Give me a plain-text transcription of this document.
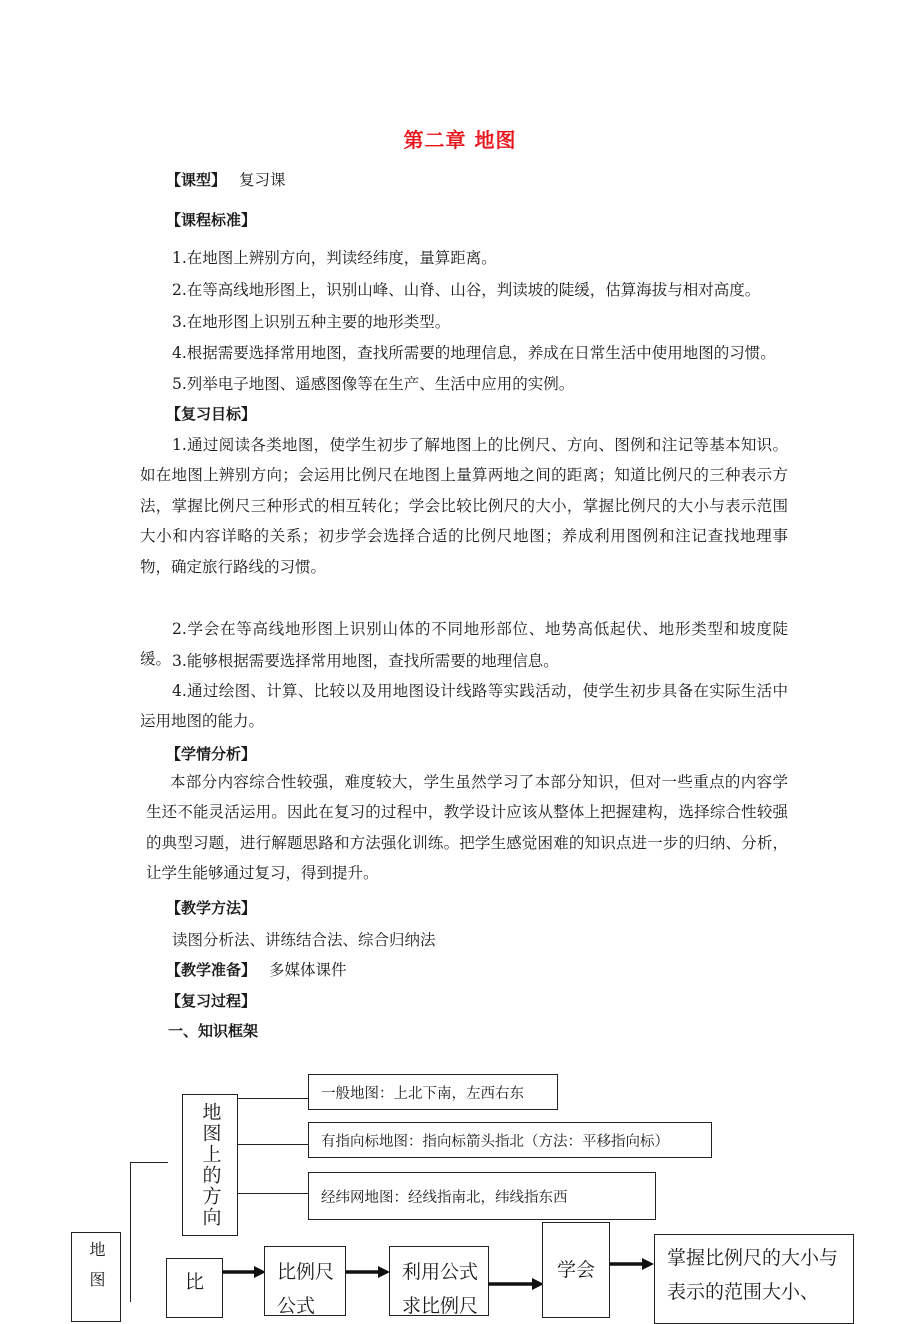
第二章 地图
【课型】 复习课
【课程标准】
1.在地图上辨别方向，判读经纬度，量算距离。
2.在等高线地形图上，识别山峰、山脊、山谷，判读坡的陡缓，估算海拔与相对高度。
3.在地形图上识别五种主要的地形类型。
4.根据需要选择常用地图，查找所需要的地理信息，养成在日常生活中使用地图的习惯。
5.列举电子地图、遥感图像等在生产、生活中应用的实例。
【复习目标】
1.通过阅读各类地图，使学生初步了解地图上的比例尺、方向、图例和注记等基本知识。如在地图上辨别方向；会运用比例尺在地图上量算两地之间的距离；知道比例尺的三种表示方法，掌握比例尺三种形式的相互转化；学会比较比例尺的大小，掌握比例尺的大小与表示范围大小和内容详略的关系；初步学会选择合适的比例尺地图；养成利用图例和注记查找地理事物，确定旅行路线的习惯。
2.学会在等高线地形图上识别山体的不同地形部位、地势高低起伏、地形类型和坡度陡缓。 3.能够根据需要选择常用地图，查找所需要的地理信息。
4.通过绘图、计算、比较以及用地图设计线路等实践活动，使学生初步具备在实际生活中运用地图的能力。
【学情分析】
本部分内容综合性较强，难度较大，学生虽然学习了本部分知识，但对一些重点的内容学生还不能灵活运用。因此在复习的过程中，教学设计应该从整体上把握建构，选择综合性较强的典型习题，进行解题思路和方法强化训练。把学生感觉困难的知识点进一步的归纳、分析，让学生能够通过复习，得到提升。
【教学方法】
读图分析法、讲练结合法、综合归纳法
【教学准备】 多媒体课件
【复习过程】
一、知识框架
地图上的方向
一般地图：上北下南，左西右东
有指向标地图：指向标箭头指北（方法：平移指向标）
经纬网地图：经线指南北，纬线指东西
地图	比	比例尺公式
利用公式求比例尺
学会
掌握比例尺的大小与表示的范围大小、
